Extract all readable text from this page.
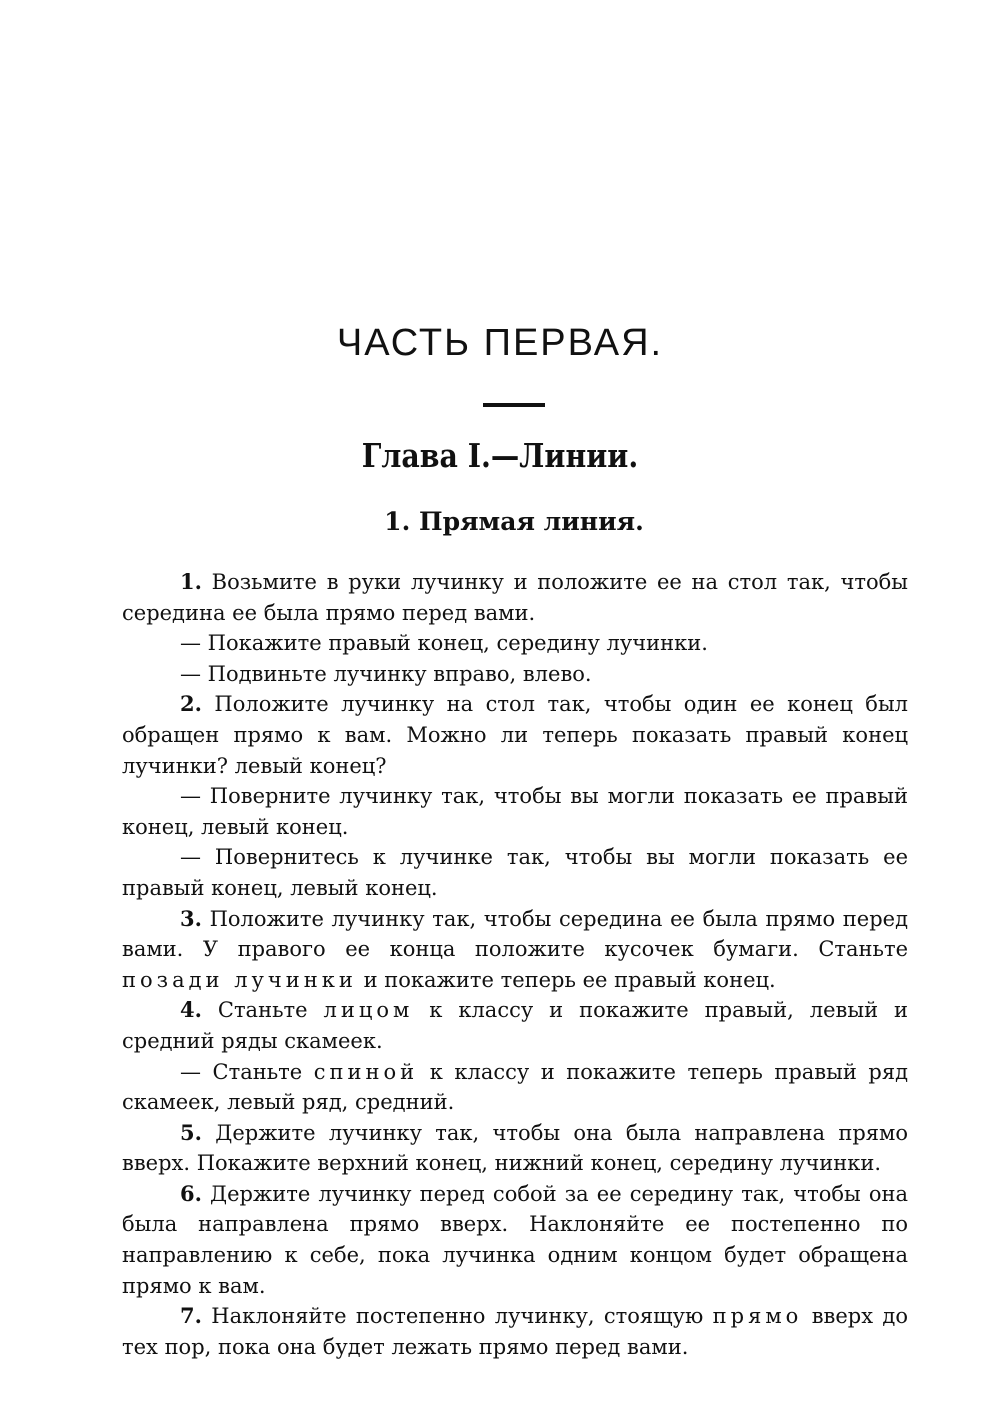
ЧАСТЬ ПЕРВАЯ.
Глава I.—Линии.
1. Прямая линия.

1. Возьмите в руки лучинку и положите ее на стол так, чтобы середина ее была прямо перед вами.

— Покажите правый конец, середину лучинки.

— Подвиньте лучинку вправо, влево.

2. Положите лучинку на стол так, чтобы один ее конец был обращен прямо к вам. Можно ли теперь показать правый конец лучинки? левый конец?

— Поверните лучинку так, чтобы вы могли показать ее правый конец, левый конец.

— Повернитесь к лучинке так, чтобы вы могли показать ее правый конец, левый конец.

3. Положите лучинку так, чтобы середина ее была прямо перед вами. У правого ее конца положите кусочек бумаги. Станьте позади лучинки и покажите теперь ее правый конец.

4. Станьте лицом к классу и покажите правый, левый и средний ряды скамеек.

— Станьте спиной к классу и покажите теперь правый ряд скамеек, левый ряд, средний.

5. Держите лучинку так, чтобы она была направлена прямо вверх. Покажите верхний конец, нижний конец, середину лучинки.

6. Держите лучинку перед собой за ее середину так, чтобы она была направлена прямо вверх. Наклоняйте ее постепенно по направлению к себе, пока лучинка одним концом будет обращена прямо к вам.

7. Наклоняйте постепенно лучинку, стоящую прямо вверх до тех пор, пока она будет лежать прямо перед вами.
